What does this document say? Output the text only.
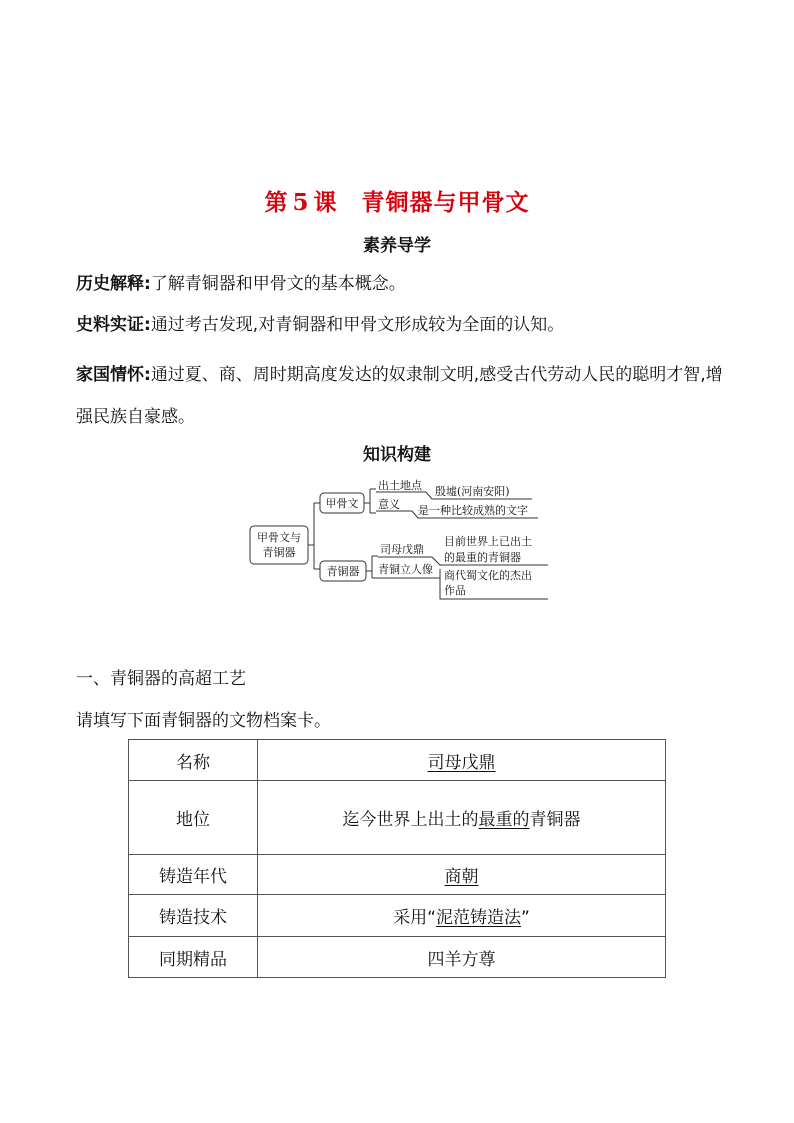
第 5 课 青铜器与甲骨文
素养导学
历史解释:了解青铜器和甲骨文的基本概念。
史料实证:通过考古发现,对青铜器和甲骨文形成较为全面的认知。
家国情怀:通过夏、商、周时期高度发达的奴隶制文明,感受古代劳动人民的聪明才智,增强民族自豪感。
知识构建
甲骨文与
青铜器
甲骨文
出土地点
意义
殷墟(河南安阳)
是一种比较成熟的文字
青铜器
司母戊鼎
青铜立人像
目前世界上已出土
的最重的青铜器
商代蜀文化的杰出
作品
一、青铜器的高超工艺
请填写下面青铜器的文物档案卡。
名称	司母戊鼎
地位	迄今世界上出土的最重的青铜器
铸造年代	商朝
铸造技术	采用“泥范铸造法”
同期精品	四羊方尊
